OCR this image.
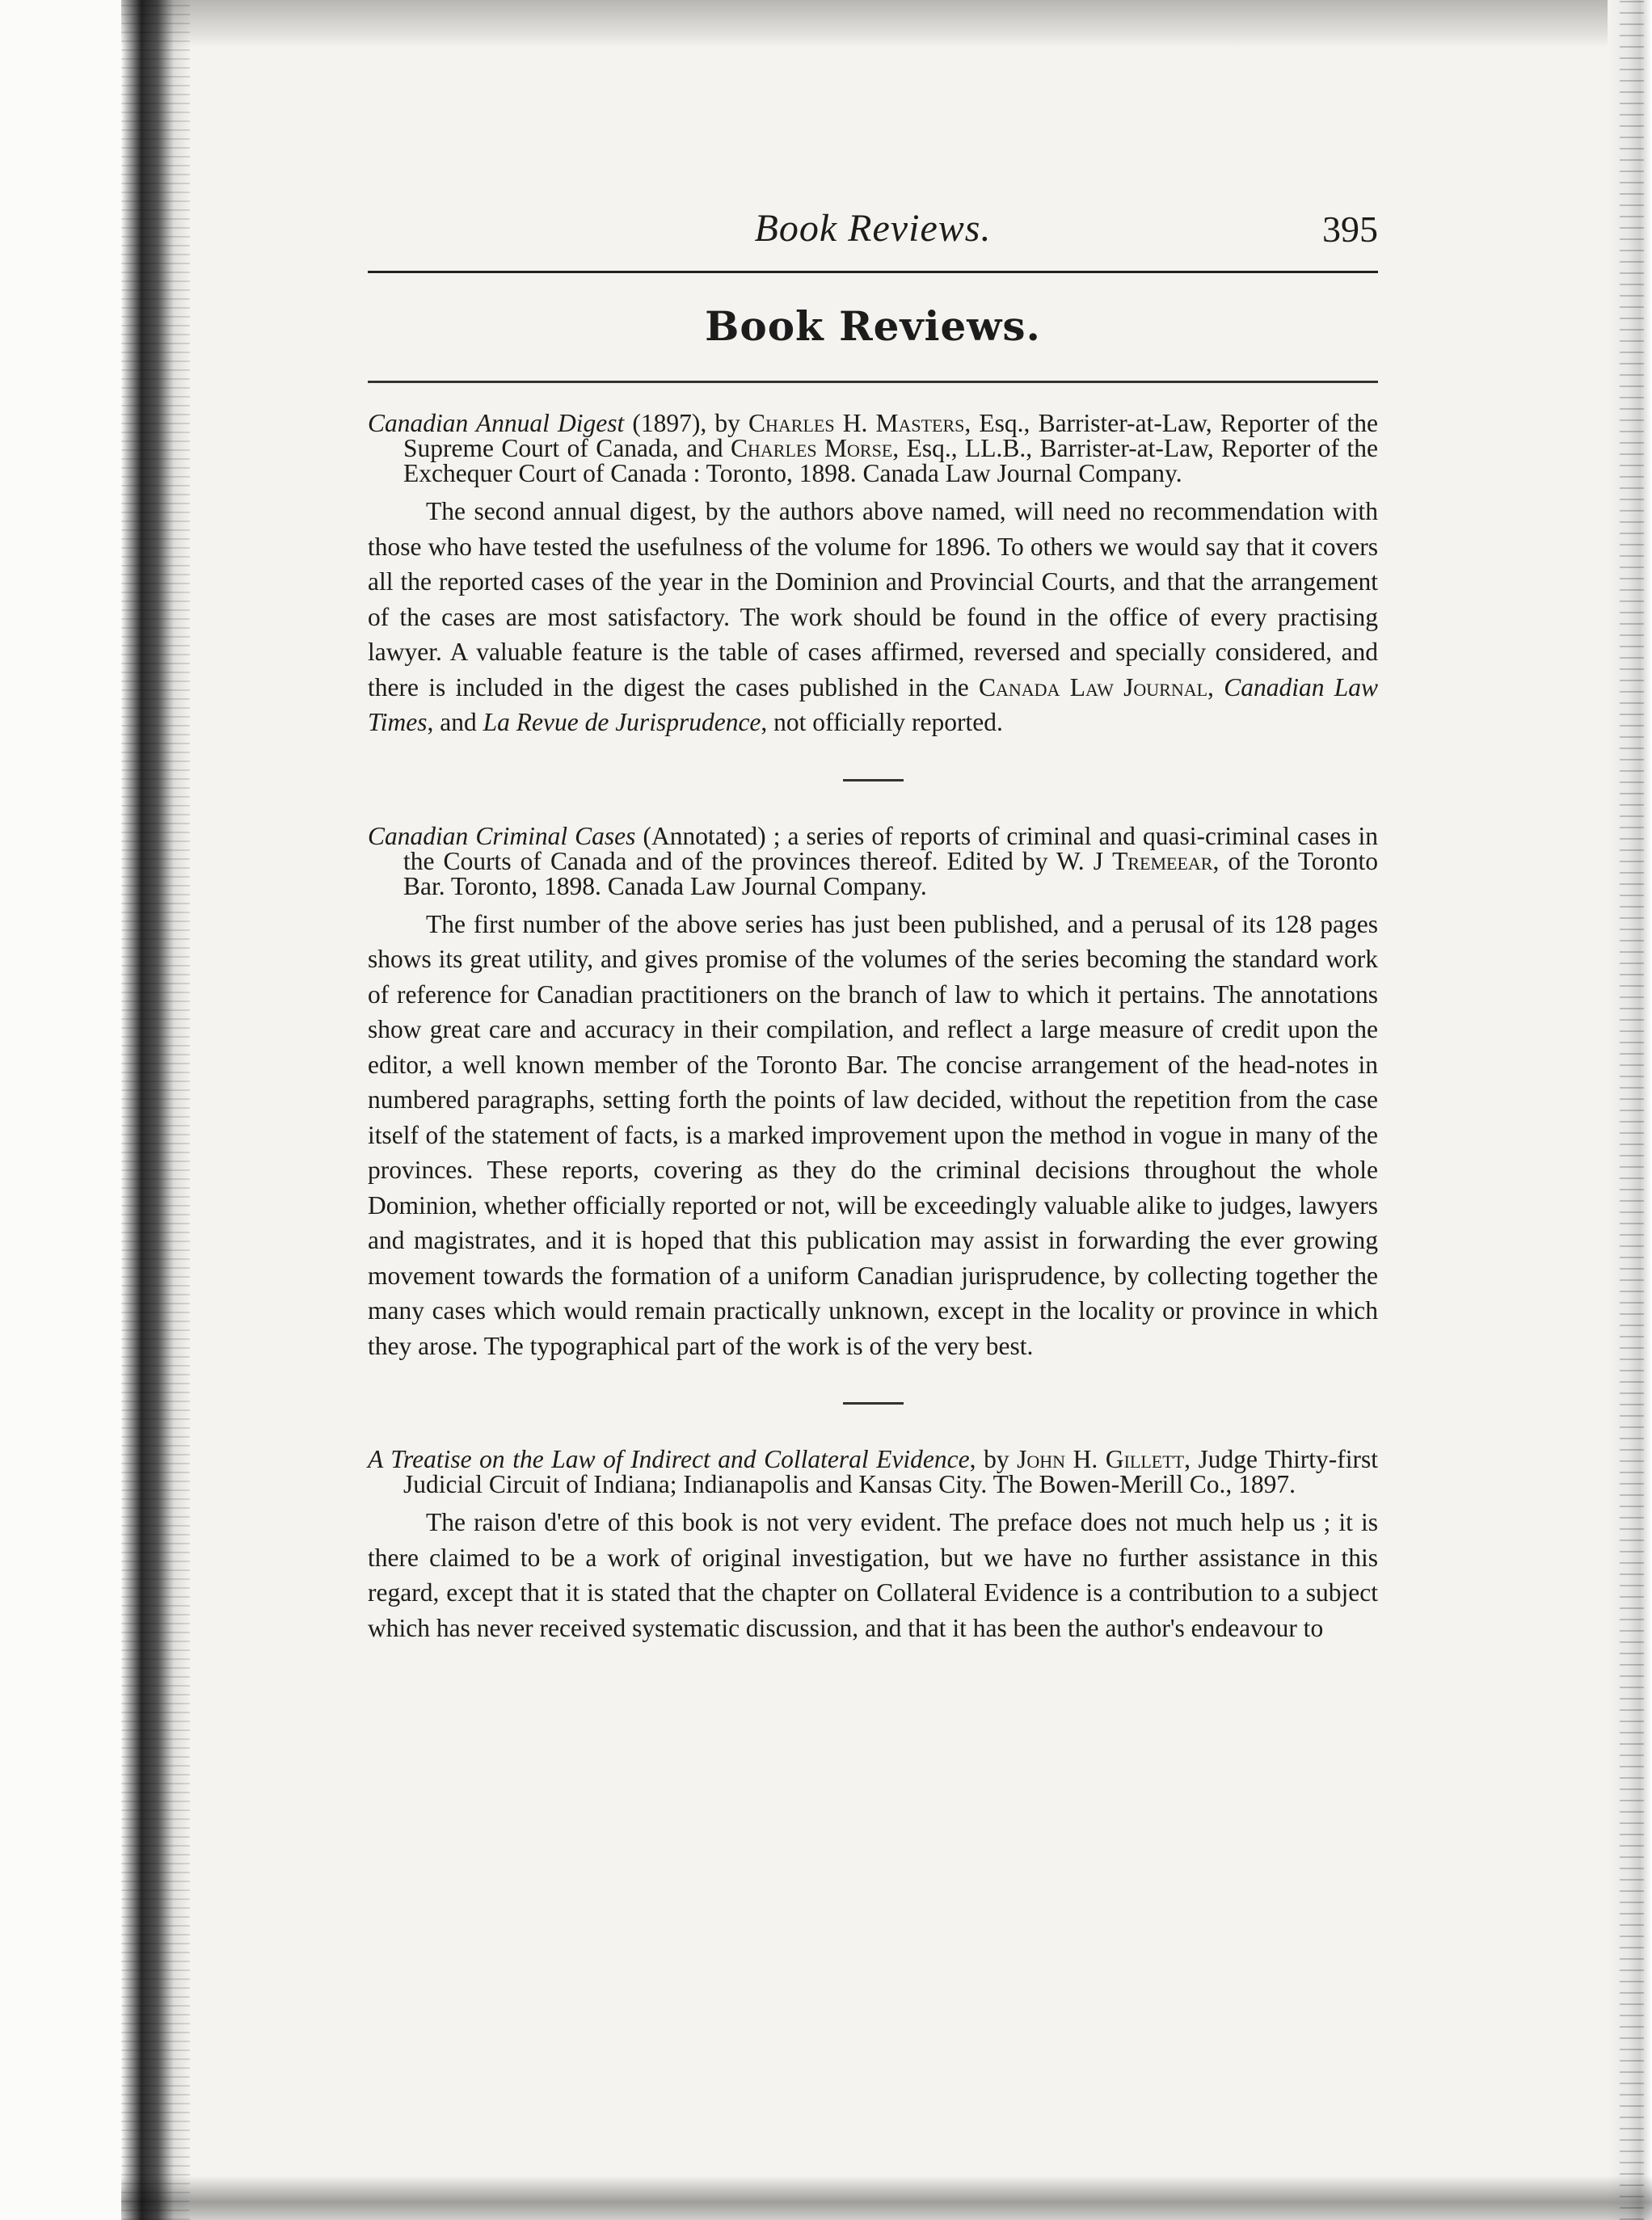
Book Reviews.	395
Book Reviews.

Canadian Annual Digest (1897), by Charles H. Masters, Esq., Barrister-at-Law, Reporter of the Supreme Court of Canada, and Charles Morse, Esq., LL.B., Barrister-at-Law, Reporter of the Exchequer Court of Canada : Toronto, 1898. Canada Law Journal Company.

The second annual digest, by the authors above named, will need no recommendation with those who have tested the usefulness of the volume for 1896. To others we would say that it covers all the reported cases of the year in the Dominion and Provincial Courts, and that the arrangement of the cases are most satisfactory. The work should be found in the office of every practising lawyer. A valuable feature is the table of cases affirmed, reversed and specially considered, and there is included in the digest the cases published in the Canada Law Journal, Canadian Law Times, and La Revue de Jurisprudence, not officially reported.

Canadian Criminal Cases (Annotated) ; a series of reports of criminal and quasi-criminal cases in the Courts of Canada and of the provinces thereof. Edited by W. J Tremeear, of the Toronto Bar. Toronto, 1898. Canada Law Journal Company.

The first number of the above series has just been published, and a perusal of its 128 pages shows its great utility, and gives promise of the volumes of the series becoming the standard work of reference for Canadian practitioners on the branch of law to which it pertains. The annotations show great care and accuracy in their compilation, and reflect a large measure of credit upon the editor, a well known member of the Toronto Bar. The concise arrangement of the head-notes in numbered paragraphs, setting forth the points of law decided, without the repetition from the case itself of the statement of facts, is a marked improvement upon the method in vogue in many of the provinces. These reports, covering as they do the criminal decisions throughout the whole Dominion, whether officially reported or not, will be exceedingly valuable alike to judges, lawyers and magistrates, and it is hoped that this publication may assist in forwarding the ever growing movement towards the formation of a uniform Canadian jurisprudence, by collecting together the many cases which would remain practically unknown, except in the locality or province in which they arose. The typographical part of the work is of the very best.

A Treatise on the Law of Indirect and Collateral Evidence, by John H. Gillett, Judge Thirty-first Judicial Circuit of Indiana; Indianapolis and Kansas City. The Bowen-Merill Co., 1897.

The raison d'etre of this book is not very evident. The preface does not much help us ; it is there claimed to be a work of original investigation, but we have no further assistance in this regard, except that it is stated that the chapter on Collateral Evidence is a contribution to a subject which has never received systematic discussion, and that it has been the author's endeavour to
